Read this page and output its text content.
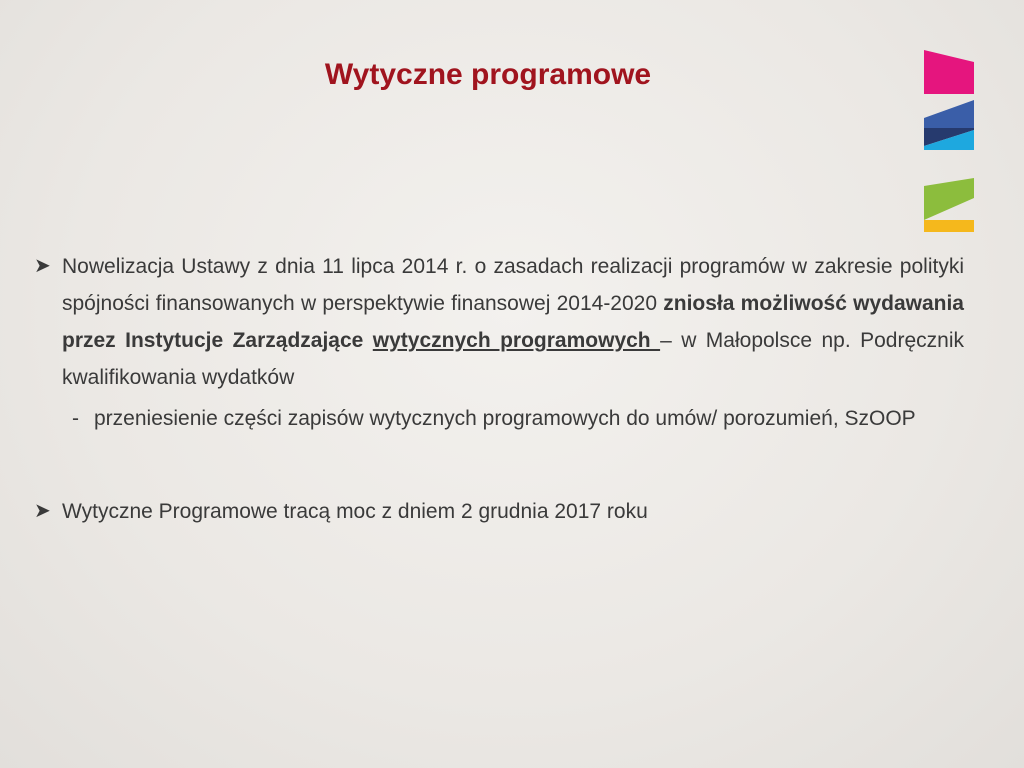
Wytyczne programowe
➤ Nowelizacja Ustawy z dnia 11 lipca 2014 r. o zasadach realizacji programów w zakresie polityki spójności finansowanych w perspektywie finansowej 2014-2020 zniosła możliwość wydawania przez Instytucje Zarządzające wytycznych programowych – w Małopolsce np. Podręcznik kwalifikowania wydatków
- przeniesienie części zapisów wytycznych programowych do umów/ porozumień, SzOOP
➤ Wytyczne Programowe tracą moc z dniem 2 grudnia 2017 roku
